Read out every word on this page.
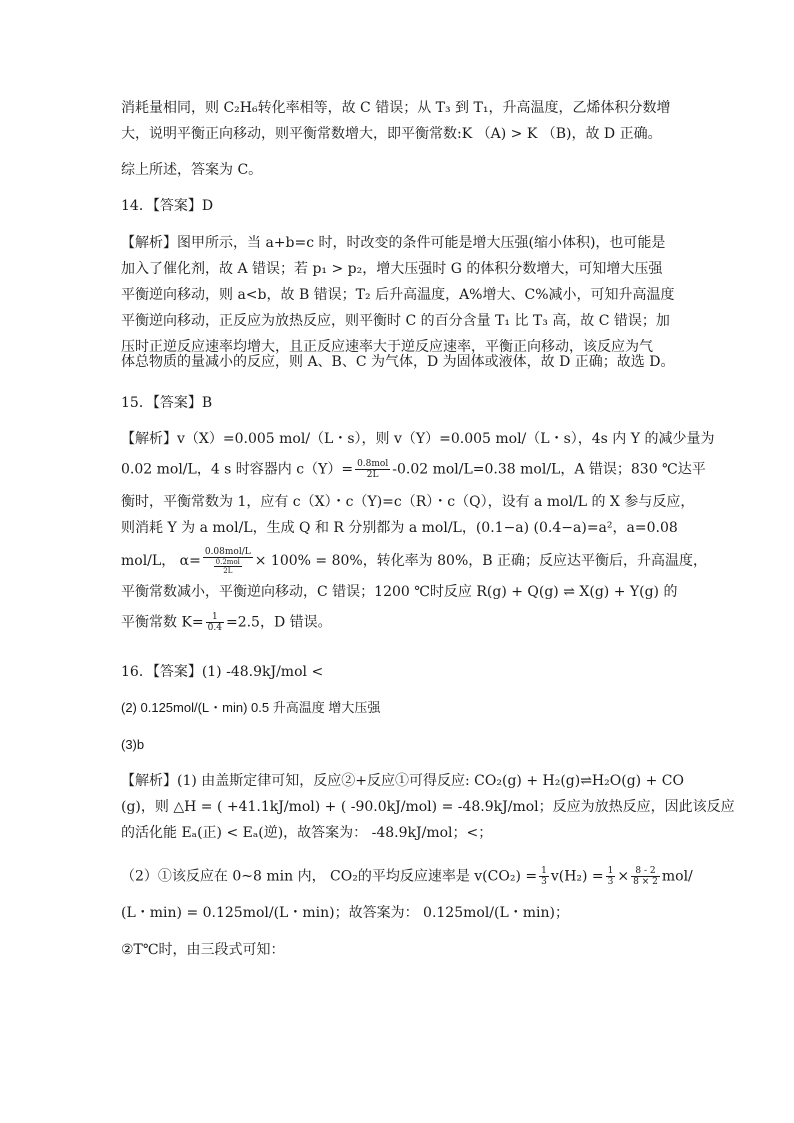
消耗量相同，则 C₂H₆转化率相等，故 C 错误；从 T₃ 到 T₁，升高温度，乙烯体积分数增
大，说明平衡正向移动，则平衡常数增大，即平衡常数:K （A) > K （B)，故 D 正确。
综上所述，答案为 C。
14．【答案】D
【解析】图甲所示，当 a+b=c 时，时改变的条件可能是增大压强(缩小体积)，也可能是
加入了催化剂，故 A 错误；若 p₁ > p₂，增大压强时 G 的体积分数增大，可知增大压强
平衡逆向移动，则 a<b，故 B 错误；T₂ 后升高温度，A%增大、C%减小，可知升高温度
平衡逆向移动，正反应为放热反应，则平衡时 C 的百分含量 T₁ 比 T₃ 高，故 C 错误；加
压时正逆反应速率均增大，且正反应速率大于逆反应速率，平衡正向移动，该反应为气
体总物质的量减小的反应，则 A、B、C 为气体，D 为固体或液体，故 D 正确；故选 D。
15．【答案】B
【解析】v（X）=0.005 mol/（L・s），则 v（Y）=0.005 mol/（L・s），4s 内 Y 的减少量为
0.02 mol/L，4 s 时容器内 $c(Y)= \frac{\text{0.8mol}}{2L} -0.02$ mol/L=0.38 mol/L，A 错误；830 ℃达平
衡时，平衡常数为 1，应有 c（X）・c（Y)=c（R）・c（Q），设有 a mol/L 的 X 参与反应，
则消耗 Y 为 a mol/L，生成 Q 和 R 分别都为 a mol/L，(0.1−a) (0.4−a)=a²，a=0.08
mol/L， $\alpha= \frac{\text{0.08mol/L}}{\frac{\text{0.2mol}}{2L}} \times 100\% = 80\%$，转化率为 80%，B 正确；反应达平衡后，升高温度，
平衡常数减小，平衡逆向移动，C 错误；1200 ℃时反应 R(g) + Q(g) ⇌ X(g) + Y(g) 的
平衡常数 $K= \frac{1}{0.4} =2.5$，D 错误。
16．【答案】(1) -48.9kJ/mol <
(2) 0.125mol/(L・min) 0.5 升高温度 增大压强
(3)b
【解析】(1) 由盖斯定律可知，反应②+反应①可得反应: CO₂(g) + H₂(g)⇌H₂O(g) + CO
(g)，则 △H = ( +41.1kJ/mol) + ( -90.0kJ/mol) = -48.9kJ/mol；反应为放热反应，因此该反应
的活化能 Eₐ(正) < Eₐ(逆)，故答案为： -48.9kJ/mol；<；
（2）①该反应在 0~8 min 内， CO₂的平均反应速率是 $v(CO_2) = \frac{1}{3} v(H_2) = \frac{1}{3} \times \frac{8 - 2}{8 \times 2} mol/$
(L・min) = 0.125mol/(L・min)；故答案为： 0.125mol/(L・min)；
②T℃时，由三段式可知：
